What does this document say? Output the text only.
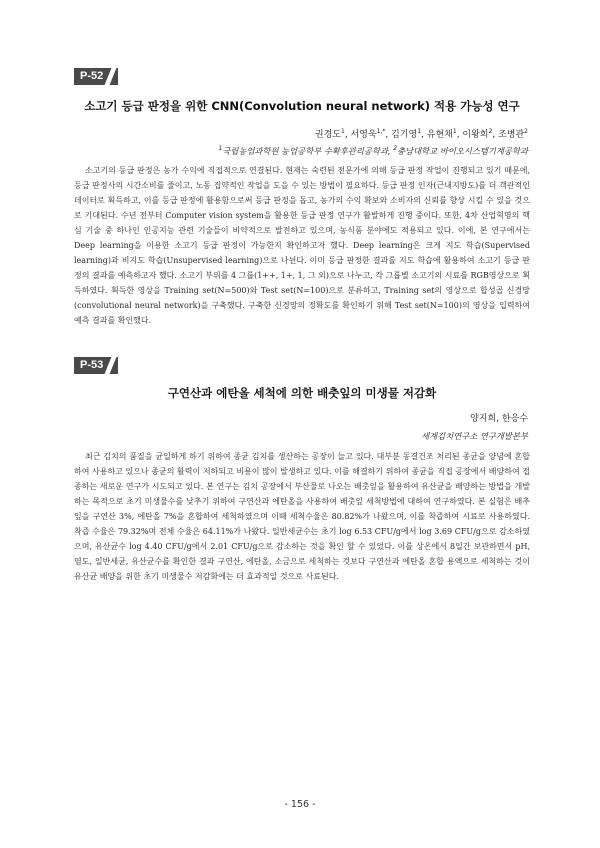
P-52
소고기 등급 판정을 위한 CNN(Convolution neural network) 적용 가능성 연구
권경도$^1$, 서영욱$^{1,*}$, 김기영$^1$, 유현채$^1$, 이왕희$^2$, 조병관$^2$
$^1$국립농업과학원 농업공학부 수확후관리공학과, $^2$충남대학교 바이오시스템기계공학과

소고기의 등급 판정은 농가 수익에 직접적으로 연결된다. 현재는 숙련된 전문가에 의해 등급 판정 작업이 진행되고 있기 때문에, 등급 판정사의 시간소비를 줄이고, 노동 집약적인 작업을 도을 수 있는 방법이 필요하다. 등급 판정 인자(근내지방도)를 더 객관적인 데이터로 획득하고, 이를 등급 판정에 활용함으로써 등급 판정을 돕고, 농가의 수익 확보와 소비자의 신뢰를 향상 시킬 수 있을 것으로 기대된다. 수년 전부터 Computer vision system을 활용한 등급 판정 연구가 활발하게 진행 중이다. 또한, 4차 산업혁명의 핵심 기술 중 하나인 인공지능 관련 기술들이 비약적으로 발전하고 있으며, 농식품 분야에도 적용되고 있다. 이에, 본 연구에서는 Deep learning을 이용한 소고기 등급 판정이 가능한지 확인하고자 했다. Deep learning은 크게 지도 학습(Supervised learning)과 비지도 학습(Unsupervised learning)으로 나뉜다. 이미 등급 판정한 결과를 지도 학습에 활용하여 소고기 등급 판정의 결과를 예측하고자 했다. 소고기 부위를 4 그룹(1++, 1+, 1, 그 외)으로 나누고, 각 그룹별 소고기의 시료를 RGB영상으로 획득하였다. 획득한 영상을 Training set(N=500)와 Test set(N=100)으로 분류하고, Training set의 영상으로 합성곱 신경망(convolutional neural network)을 구축했다. 구축한 신경망의 정확도를 확인하기 위해 Test set(N=100)의 영상을 입력하여 예측 결과를 확인했다.

P-53
구연산과 에탄올 세척에 의한 배춧잎의 미생물 저감화
양지희, 한응수
세계김치연구소 연구개발본부

최근 김치의 품질을 균일하게 하기 위하여 종균 김치를 생산하는 공장이 늘고 있다. 대부분 동결건조 처리된 종균을 양념에 혼합하여 사용하고 있으나 종균의 활력이 저하되고 비용이 많이 발생하고 있다. 이를 해결하기 위하여 종균을 직접 공장에서 배양하여 접종하는 새로운 연구가 시도되고 있다. 본 연구는 김치 공장에서 부산물로 나오는 배춧잎을 활용하여 유산균을 배양하는 방법을 개발하는 목적으로 초기 미생물수를 낮추기 위하여 구연산과 에탄올을 사용하여 배춧잎 세척방법에 대하여 연구하였다. 본 실험은 배추잎을 구연산 3%, 에탄올 7%을 혼합하여 세척하였으며 이때 세척수율은 80.82%가 나왔으며, 이를 착즙하여 시료로 사용하였다. 착즙 수율은 79.32%며 전체 수율은 64.11%가 나왔다. 일반세균수는 초기 log 6.53 CFU/g에서 log 3.69 CFU/g으로 감소하였으며, 유산균수 log 4.40 CFU/g에서 2.01 CFU/g으로 감소하는 것을 확인 할 수 있었다. 이를 상온에서 8일간 보관하면서 pH, 염도, 일반세균, 유산균수를 확인한 결과 구연산, 에탄올, 소금으로 세척하는 것보다 구연산과 에탄올 혼합 용액으로 세척하는 것이 유산균 배양을 위한 초기 미생물수 저감화에는 더 효과적일 것으로 사료된다.

- 156 -
